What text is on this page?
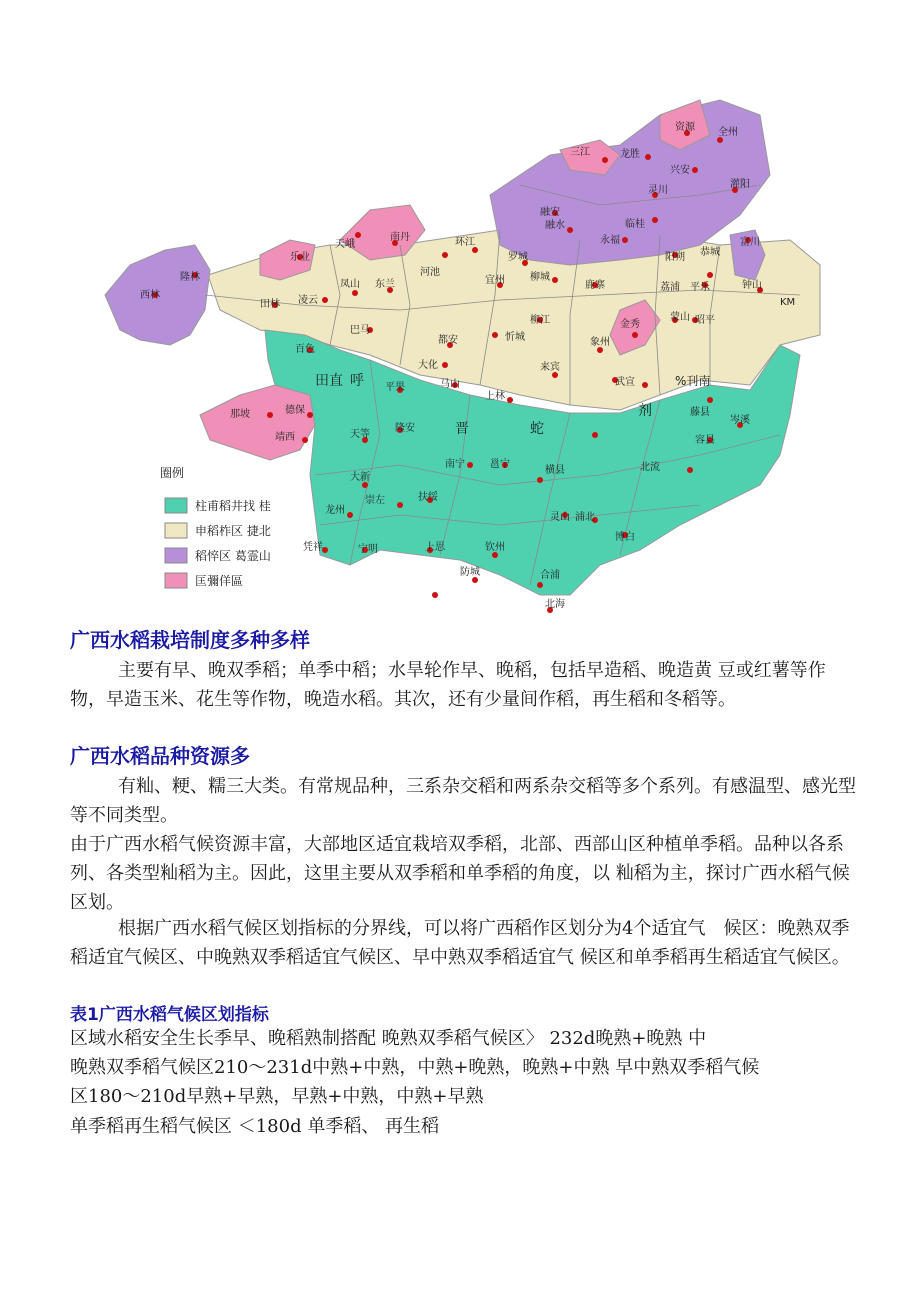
资源 全州
三江	龙胜
兴安
灵川
灌阳
融安
融水	临桂
永福
天峨
南丹
乐业
隆林
西林
环江
河池
罗城
宜州	柳城
鹿寨
阳朔 恭城
富川
钟山
平乐
荔浦
蒙山 昭平
KM
田林 凌云
凤山 东兰
巴马
都安	忻城
柳江
象州
金秀
来宾
武宣
百色
田直 呼 平果	马山
大化
上林
剂
%刊南
藤县
岑溪
容县
北流
那坡	德保
靖西	天等
隆安	晋	蛇
大新
崇左	扶绥
南宁	邕宁
横县
灵山 浦北
博白
龙州
凭祥	宁明	上思	钦州
防城	合浦
北海
圈例
柱甫稻井找 桂
申稻柞区 捷北
稻悴区 葛霊山
匡彌佯區
广西水稻栽培制度多种多样
主要有早、晚双季稻；单季中稻；水旱轮作早、晚稻，包括早造稻、晚造黄 豆或红薯等作物，早造玉米、花生等作物，晚造水稻。其次，还有少量间作稻，再生稻和冬稻等。
广西水稻品种资源多
有籼、粳、糯三大类。有常规品种，三系杂交稻和两系杂交稻等多个系列。有感温型、感光型等不同类型。
由于广西水稻气候资源丰富，大部地区适宜栽培双季稻，北部、西部山区种植单季稻。品种以各系列、各类型籼稻为主。因此，这里主要从双季稻和单季稻的角度，以 籼稻为主，探讨广西水稻气候区划。
根据广西水稻气候区划指标的分界线，可以将广西稻作区划分为4个适宜气　候区：晚熟双季稻适宜气候区、中晚熟双季稻适宜气候区、早中熟双季稻适宜气 候区和单季稻再生稻适宜气候区。
表1广西水稻气候区划指标
区域水稻安全生长季早、晚稻熟制搭配 晚熟双季稻气候区〉 232d晚熟+晚熟 中
晚熟双季稻气候区210〜231d中熟+中熟，中熟+晚熟，晚熟+中熟 早中熟双季稻气候
区180〜210d早熟+早熟，早熟+中熟，中熟+早熟
单季稻再生稻气候区 ＜180d 单季稻、 再生稻
